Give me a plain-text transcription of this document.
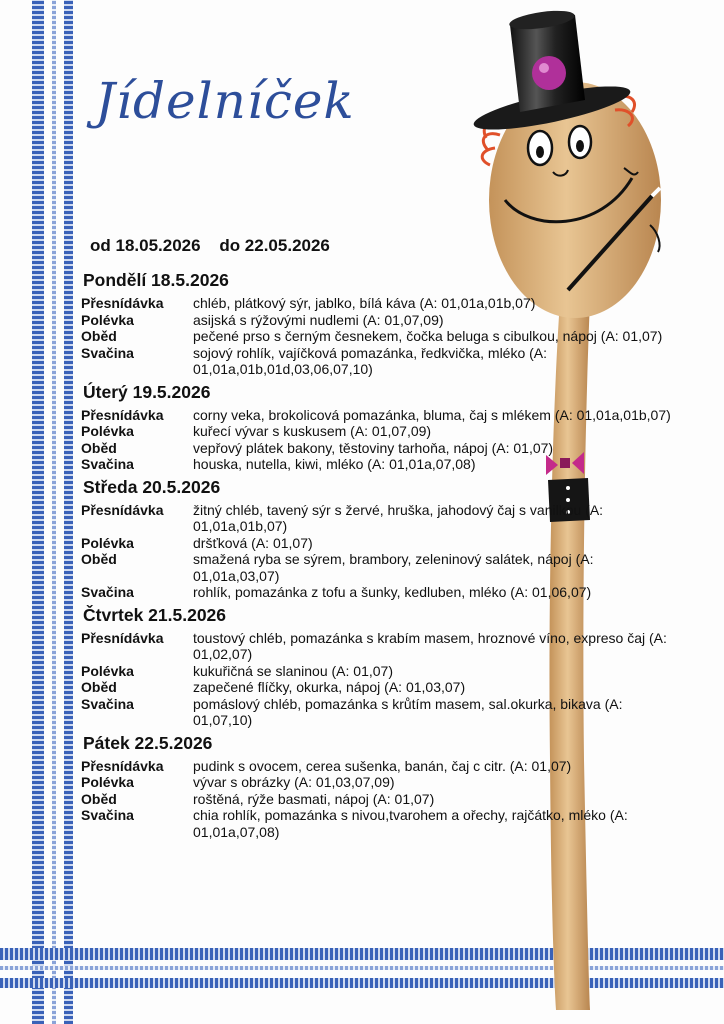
Jídelníček
od 18.05.2026 do 22.05.2026
Pondělí 18.5.2026
Přesnídávka	chléb, plátkový sýr, jablko, bílá káva (A: 01,01a,01b,07)
Polévka	asijská s rýžovými nudlemi (A: 01,07,09)
Oběd	pečené prso s černým česnekem, čočka beluga s cibulkou, nápoj (A: 01,07)
Svačina	sojový rohlík, vajíčková pomazánka, ředkvička, mléko (A: 01,01a,01b,01d,03,06,07,10)
Úterý 19.5.2026
Přesnídávka	corny veka, brokolicová pomazánka, bluma, čaj s mlékem (A: 01,01a,01b,07)
Polévka	kuřecí vývar s kuskusem (A: 01,07,09)
Oběd	vepřový plátek bakony, těstoviny tarhoňa, nápoj (A: 01,07)
Svačina	houska, nutella, kiwi, mléko (A: 01,01a,07,08)
Středa 20.5.2026
Přesnídávka	žitný chléb, tavený sýr s žervé, hruška, jahodový čaj s vanilkou (A: 01,01a,01b,07)
Polévka	dršťková (A: 01,07)
Oběd	smažená ryba se sýrem, brambory, zeleninový salátek, nápoj (A: 01,01a,03,07)
Svačina	rohlík, pomazánka z tofu a šunky, kedluben, mléko (A: 01,06,07)
Čtvrtek 21.5.2026
Přesnídávka	toustový chléb, pomazánka s krabím masem, hroznové víno, expreso čaj (A: 01,02,07)
Polévka	kukuřičná se slaninou (A: 01,07)
Oběd	zapečené flíčky, okurka, nápoj (A: 01,03,07)
Svačina	pomáslový chléb, pomazánka s krůtím masem, sal.okurka, bikava (A: 01,07,10)
Pátek 22.5.2026
Přesnídávka	pudink s ovocem, cerea sušenka, banán, čaj c citr. (A: 01,07)
Polévka	vývar s obrázky (A: 01,03,07,09)
Oběd	roštěná, rýže basmati, nápoj (A: 01,07)
Svačina	chia rohlík, pomazánka s nivou,tvarohem a ořechy, rajčátko, mléko (A: 01,01a,07,08)
